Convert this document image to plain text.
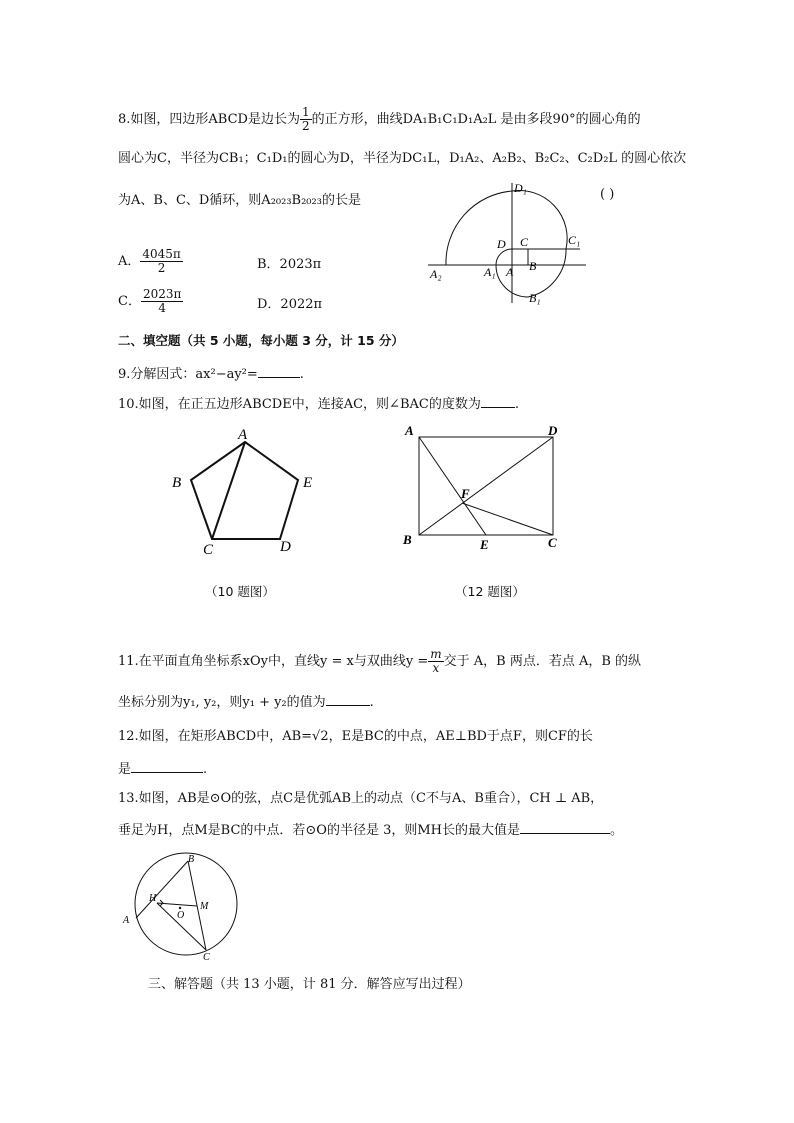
8.如图，四边形ABCD是边长为 $\frac{1}{2}$ 的正方形，曲线DA₁B₁C₁D₁A₂L 是由多段90°的圆心角的
圆心为C，半径为CB₁；C₁D₁的圆心为D，半径为DC₁L，D₁A₂、A₂B₂、B₂C₂、C₂D₂L 的圆心依次
为A、B、C、D循环，则A₂₀₂₃B₂₀₂₃的长是	( )
A． $\frac{4045\pi}{2}$	B．2023π
C． $\frac{2023\pi}{4}$	D．2022π
D₁
D C	C₁
A₂	A₁ A B
B₁
二、填空题（共 5 小题，每小题 3 分，计 15 分）
9.分解因式：ax²−ay²=	.
10.如图，在正五边形ABCDE中，连接AC，则∠BAC的度数为	.
A
B
C	D
E
A	D
F
B	E	C
（10 题图）	（12 题图）
11.在平面直角坐标系xOy中，直线y = x与双曲线$y = \frac{m}{x}$ 交于 A，B 两点．若点 A，B 的纵
坐标分别为y₁, y₂，则y₁ + y₂的值为	.
12.如图，在矩形ABCD中，AB=√2，E是BC的中点，AE⊥BD于点F，则CF的长
是	.
13.如图，AB是⊙O的弦，点C是优弧AB上的动点（C不与A、B重合），CH ⊥ AB，
垂足为H，点M是BC的中点．若⊙O的半径是 3，则MH长的最大值是	。
B
H
M
A	O
C
三、解答题（共 13 小题，计 81 分．解答应写出过程）
